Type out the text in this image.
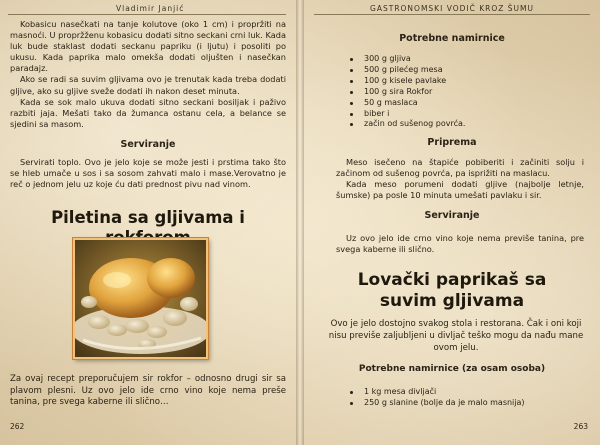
Vladimir Janjić

Kobasicu nasečkati na tanje kolutove (oko 1 cm) i propržiti na masnoći. U propržženu kobasicu dodati sitno seckani crni luk. Kada luk bude staklast dodati seckanu papriku (i ljutu) i posoliti po ukusu. Kada paprika malo omekša dodati oljušten i nasečkan paradajz.

Ako se radi sa suvim gljivama ovo je trenutak kada treba dodati gljive, ako su gljive sveže dodati ih nakon deset minuta.

Kada se sok malo ukuva dodati sitno seckani bosiljak i paživo razbiti jaja. Mešati tako da žumanca ostanu cela, a belance se sjedini sa masom.

Serviranje

Servirati toplo. Ovo je jelo koje se može jesti i prstima tako što se hleb umače u sos i sa sosom zahvati malo i mase.Verovatno je reč o jednom jelu uz koje ću dati prednost pivu nad vinom.

Piletina sa gljivama i

Za ovaj recept preporučujem sir rokfor – odnosno drugi sir sa plavom plesni. Uz ovo jelo ide crno vino koje nema preše tanina, pre svega kaberne ili slično…

262
GASTRONOMSKI VODIČ KROZ ŠUMU
Potrebne namirnice
300 g gljiva
500 g pilećeg mesa
100 g kisele pavlake
100 g sira Rokfor
50 g maslaca
biber i
začin od sušenog povrća.
Priprema

Meso isečeno na štapiće pobiberiti i začiniti solju i začinom od sušenog povrća, pa isprižiti na maslacu.

Kada meso porumeni dodati gljive (najbolje letnje, šumske) pa posle 10 minuta umešati pavlaku i sir.

Serviranje

Uz ovo jelo ide crno vino koje nema previše tanina, pre svega kaberne ili slično.

Lovački paprikaš sa
suvim gljivama

Ovo je jelo dostojno svakog stola i restorana. Čak i oni koji nisu previše zaljubljeni u divljač teško mogu da nađu mane ovom jelu.

Potrebne namirnice (za osam osoba)
1 kg mesa divljači
250 g slanine (bolje da je malo masnija)
263
